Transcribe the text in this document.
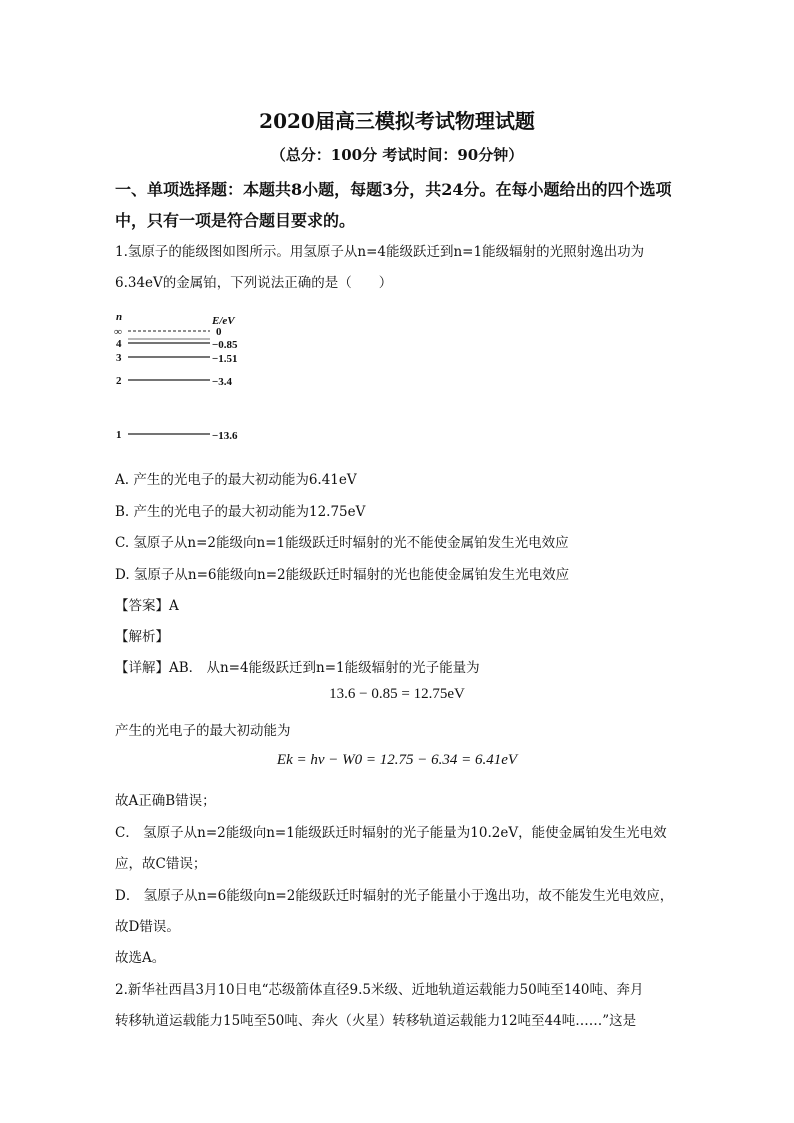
2020届高三模拟考试物理试题
（总分：100分 考试时间：90分钟）
一、单项选择题：本题共8小题，每题3分，共24分。在每小题给出的四个选项
中，只有一项是符合题目要求的。
1.氢原子的能级图如图所示。用氢原子从n=4能级跃迁到n=1能级辐射的光照射逸出功为
6.34eV的金属铂，下列说法正确的是（　　）
n	E/eV
∞	0
4	−0.85
3	−1.51
2	−3.4
1	−13.6
A. 产生的光电子的最大初动能为6.41eV
B. 产生的光电子的最大初动能为12.75eV
C. 氢原子从n=2能级向n=1能级跃迁时辐射的光不能使金属铂发生光电效应
D. 氢原子从n=6能级向n=2能级跃迁时辐射的光也能使金属铂发生光电效应
【答案】A
【解析】
【详解】AB． 从n=4能级跃迁到n=1能级辐射的光子能量为
13.6 − 0.85 = 12.75eV
产生的光电子的最大初动能为
Ek = hν − W0 = 12.75 − 6.34 = 6.41eV
故A正确B错误；
C． 氢原子从n=2能级向n=1能级跃迁时辐射的光子能量为10.2eV，能使金属铂发生光电效
应，故C错误；
D． 氢原子从n=6能级向n=2能级跃迁时辐射的光子能量小于逸出功，故不能发生光电效应，
故D错误。
故选A。
2.新华社西昌3月10日电“芯级箭体直径9.5米级、近地轨道运载能力50吨至140吨、奔月
转移轨道运载能力15吨至50吨、奔火（火星）转移轨道运载能力12吨至44吨……”这是
